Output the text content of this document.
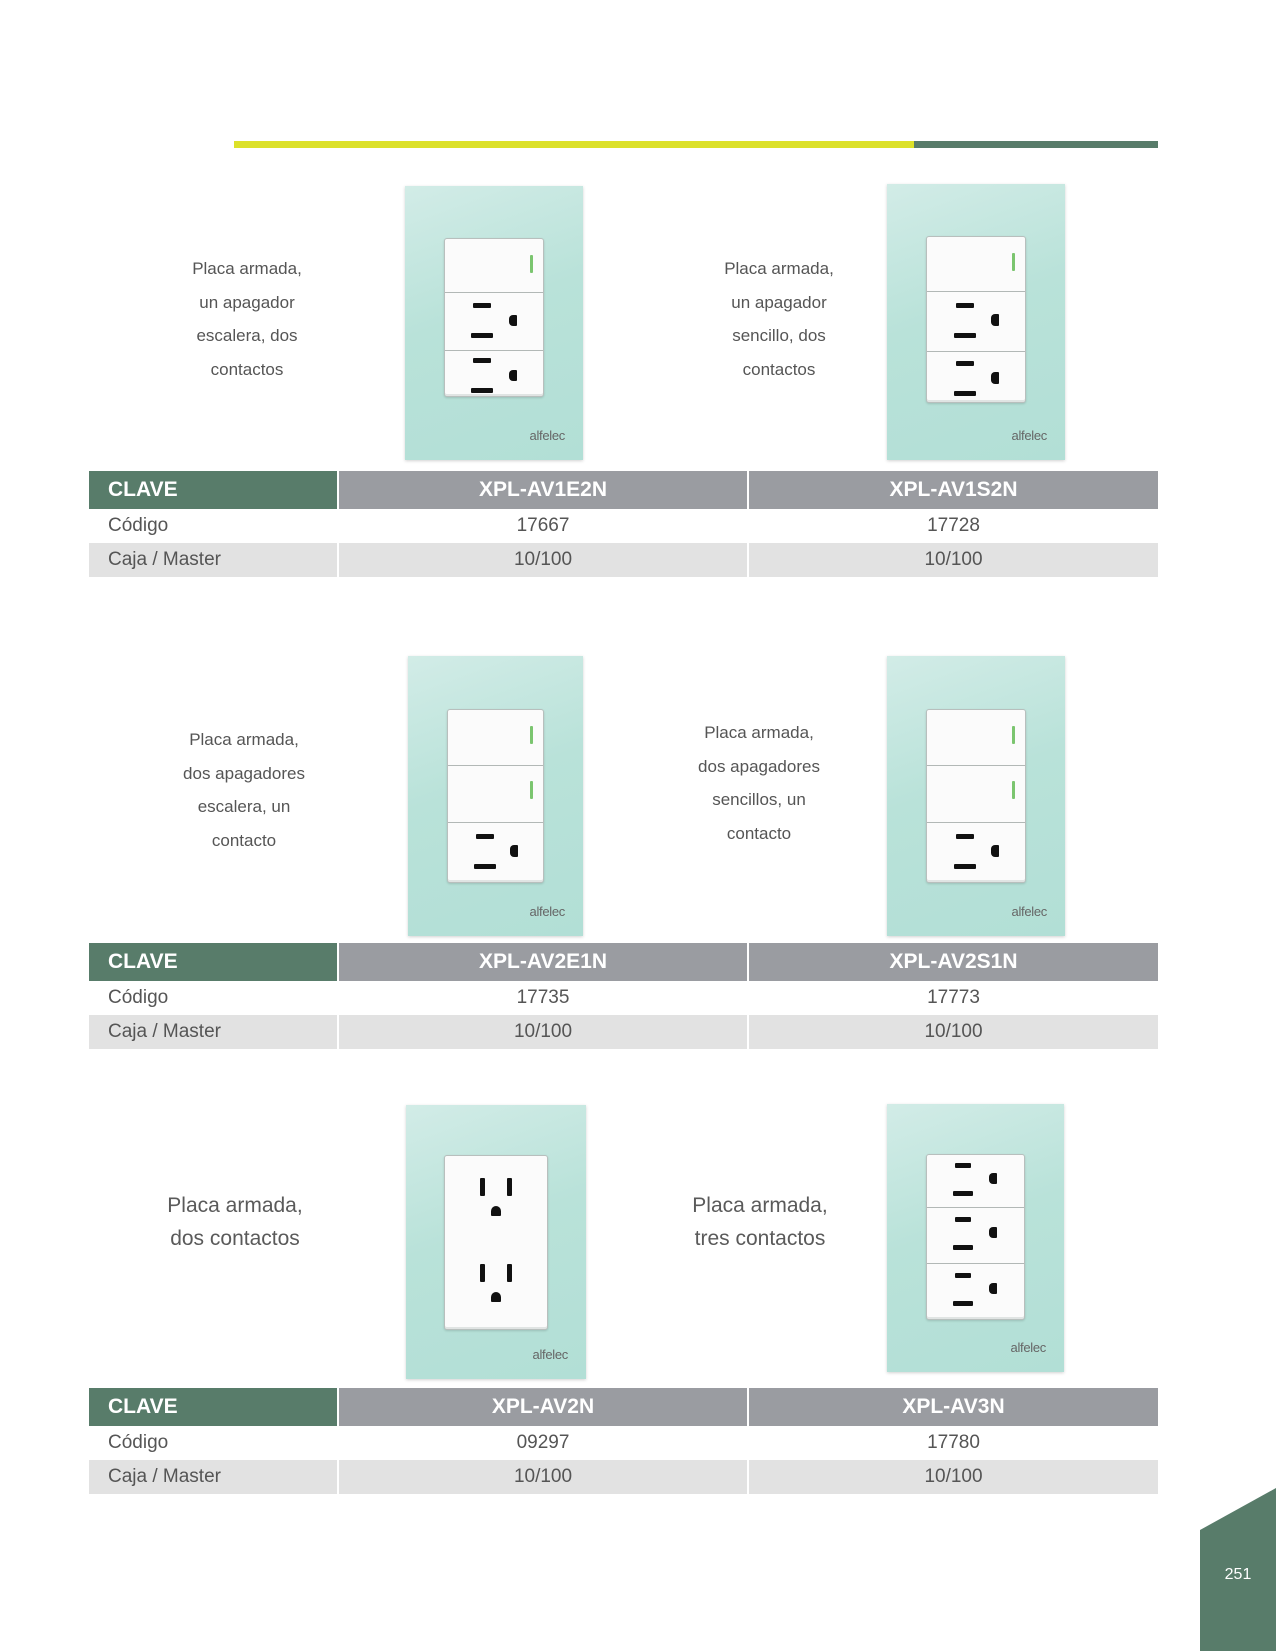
Placa armada,
un apagador
escalera, dos
contactos
alfelec
Placa armada,
un apagador
sencillo, dos
contactos
alfelec
CLAVE	XPL-AV1E2N	XPL-AV1S2N
Código	17667	17728
Caja / Master	10/100	10/100
Placa armada,
dos apagadores
escalera, un
contacto
alfelec
Placa armada,
dos apagadores
sencillos, un
contacto
alfelec
CLAVE	XPL-AV2E1N	XPL-AV2S1N
Código	17735	17773
Caja / Master	10/100	10/100
Placa armada,
dos contactos
alfelec
Placa armada,
tres contactos
alfelec
CLAVE	XPL-AV2N	XPL-AV3N
Código	09297	17780
Caja / Master	10/100	10/100
251
